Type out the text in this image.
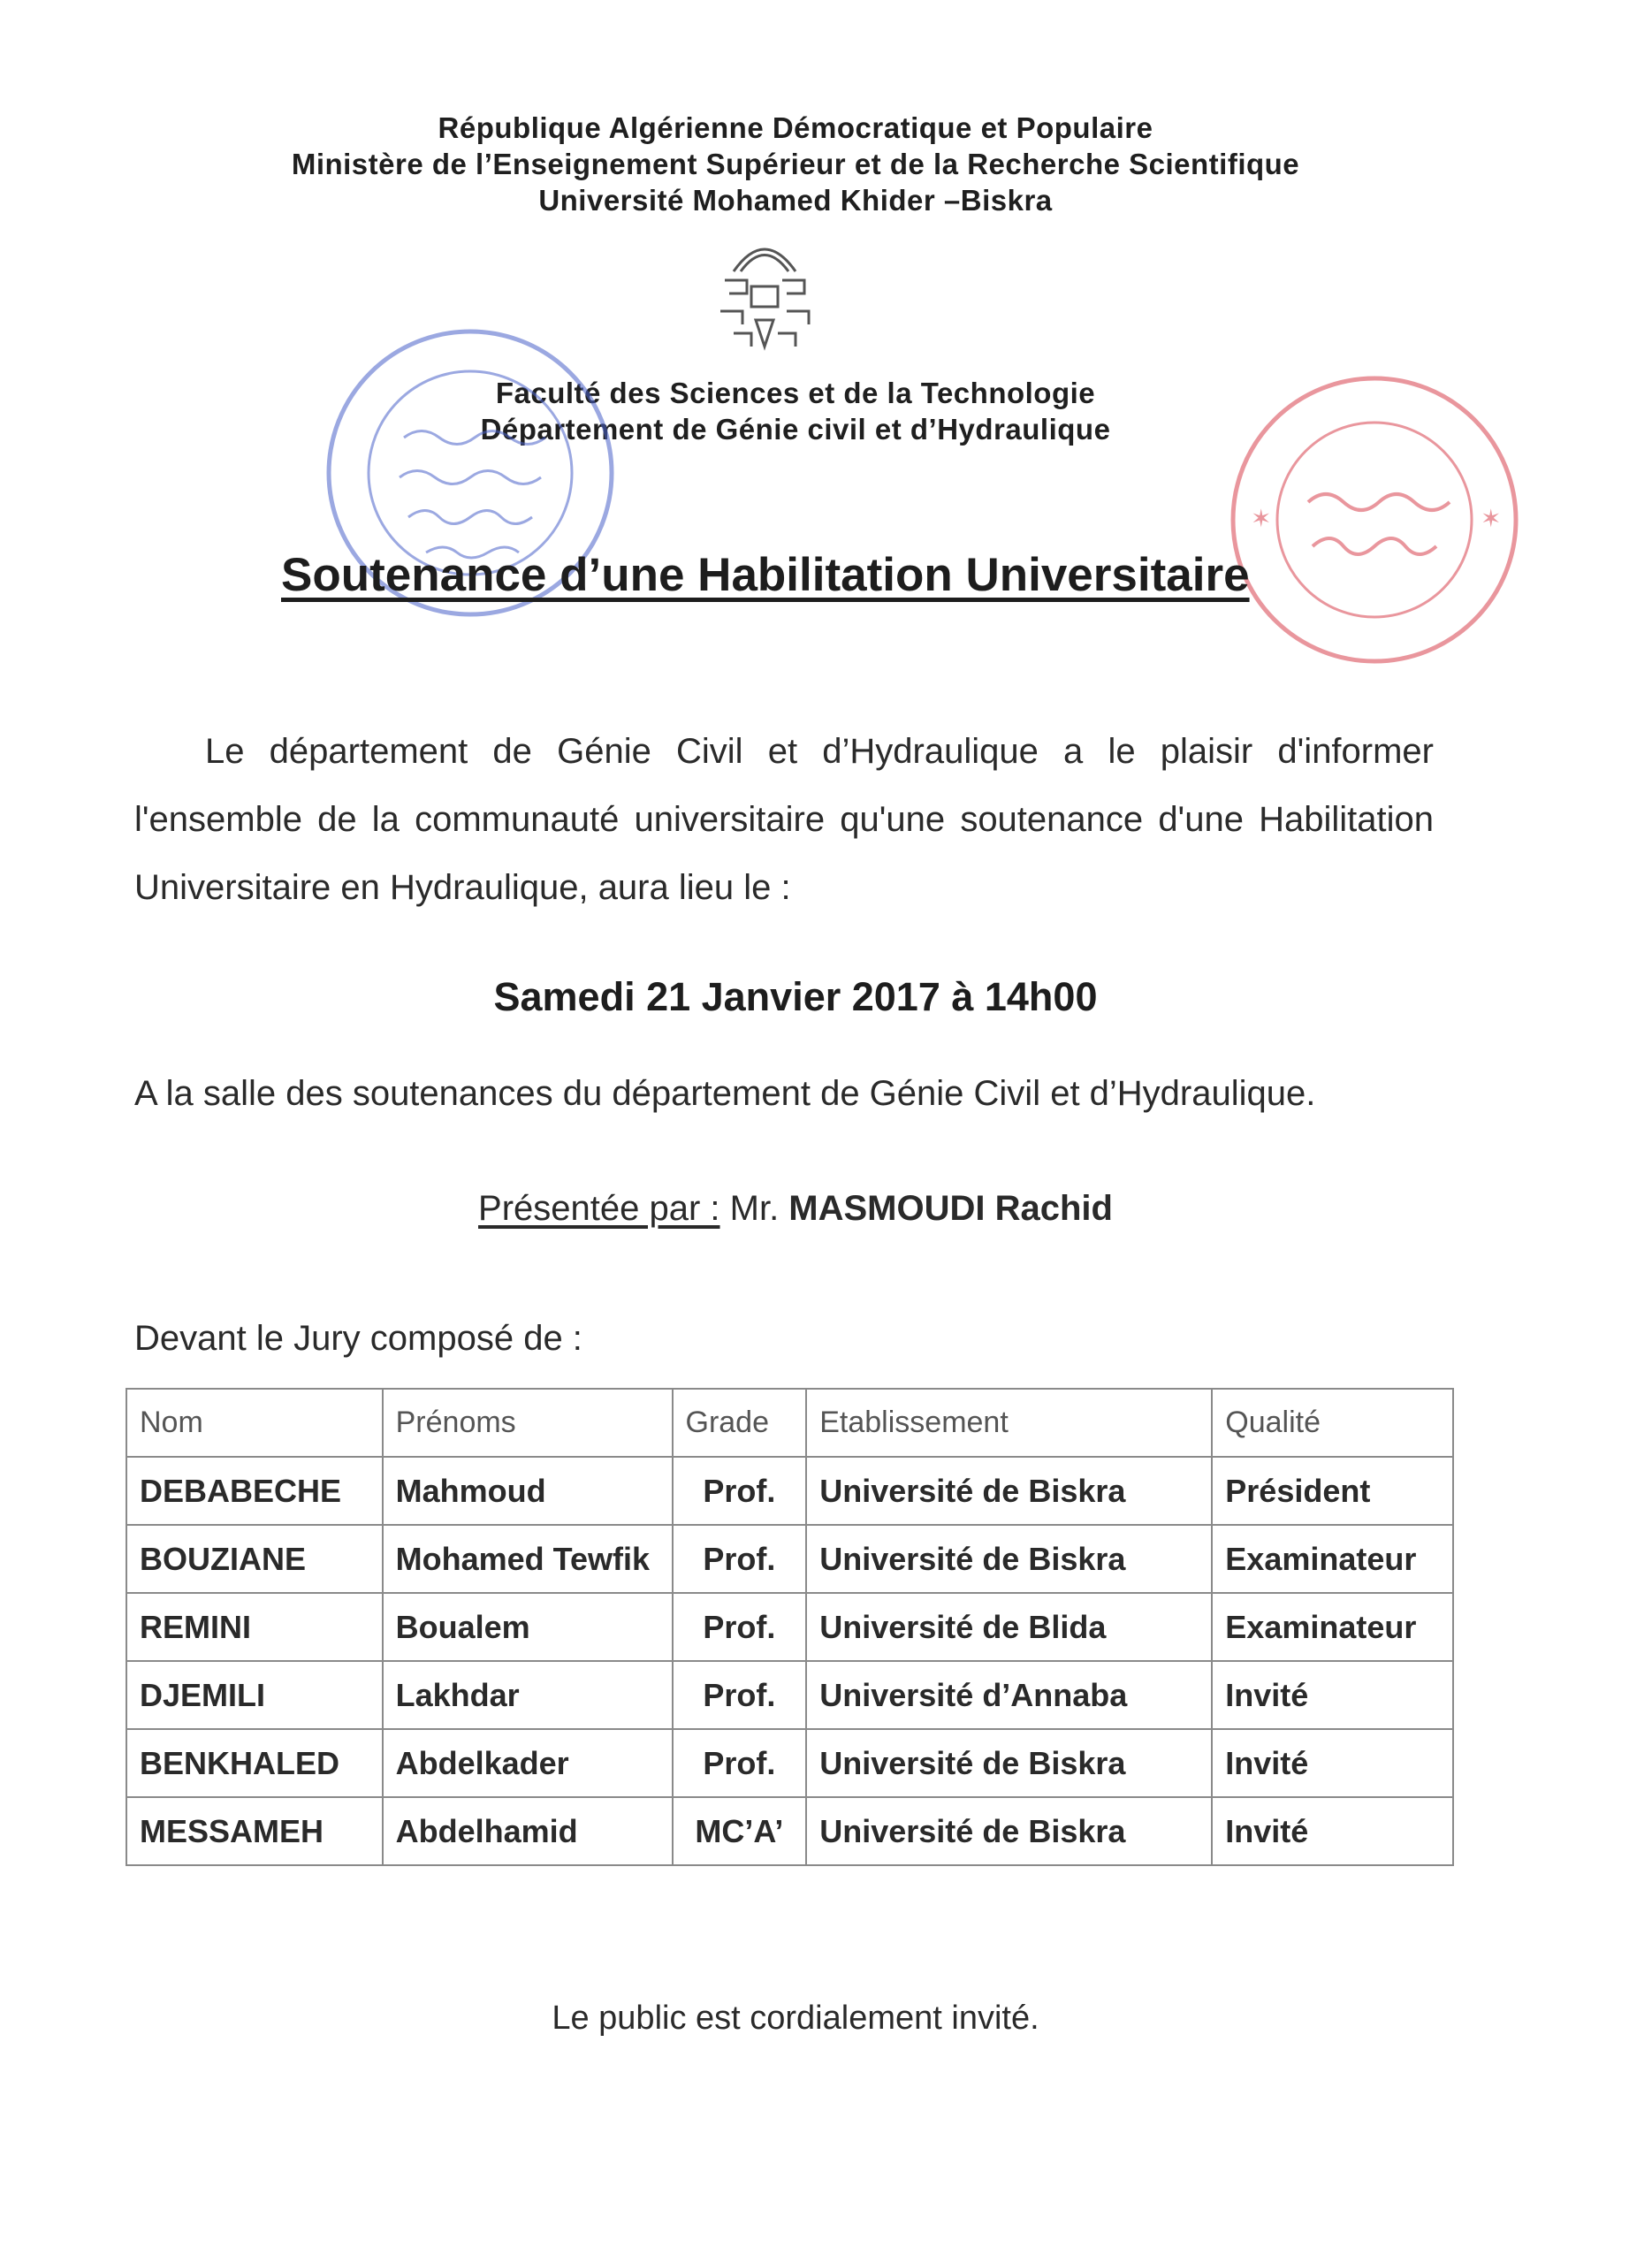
République Algérienne Démocratique et Populaire
Ministère de l’Enseignement Supérieur et de la Recherche Scientifique
Université Mohamed Khider –Biskra
Faculté des Sciences et de la Technologie
Département de Génie civil et d’Hydraulique
✶	✶
Soutenance d’une Habilitation Universitaire

Le département de Génie Civil et d’Hydraulique a le plaisir d'informer l'ensemble de la communauté universitaire qu'une soutenance d'une Habilitation Universitaire en Hydraulique, aura lieu le :

Samedi 21 Janvier 2017 à 14h00
A la salle des soutenances du département de Génie Civil et d’Hydraulique.
Présentée par : Mr. MASMOUDI Rachid
Devant le Jury composé de :
Nom	Prénoms	Grade	Etablissement	Qualité
DEBABECHE	Mahmoud	Prof.	Université de Biskra	Président
BOUZIANE	Mohamed Tewfik	Prof.	Université de Biskra	Examinateur
REMINI	Boualem	Prof.	Université de Blida	Examinateur
DJEMILI	Lakhdar	Prof.	Université d’Annaba	Invité
BENKHALED	Abdelkader	Prof.	Université de Biskra	Invité
MESSAMEH	Abdelhamid	MC’A’	Université de Biskra	Invité
Le public est cordialement invité.
